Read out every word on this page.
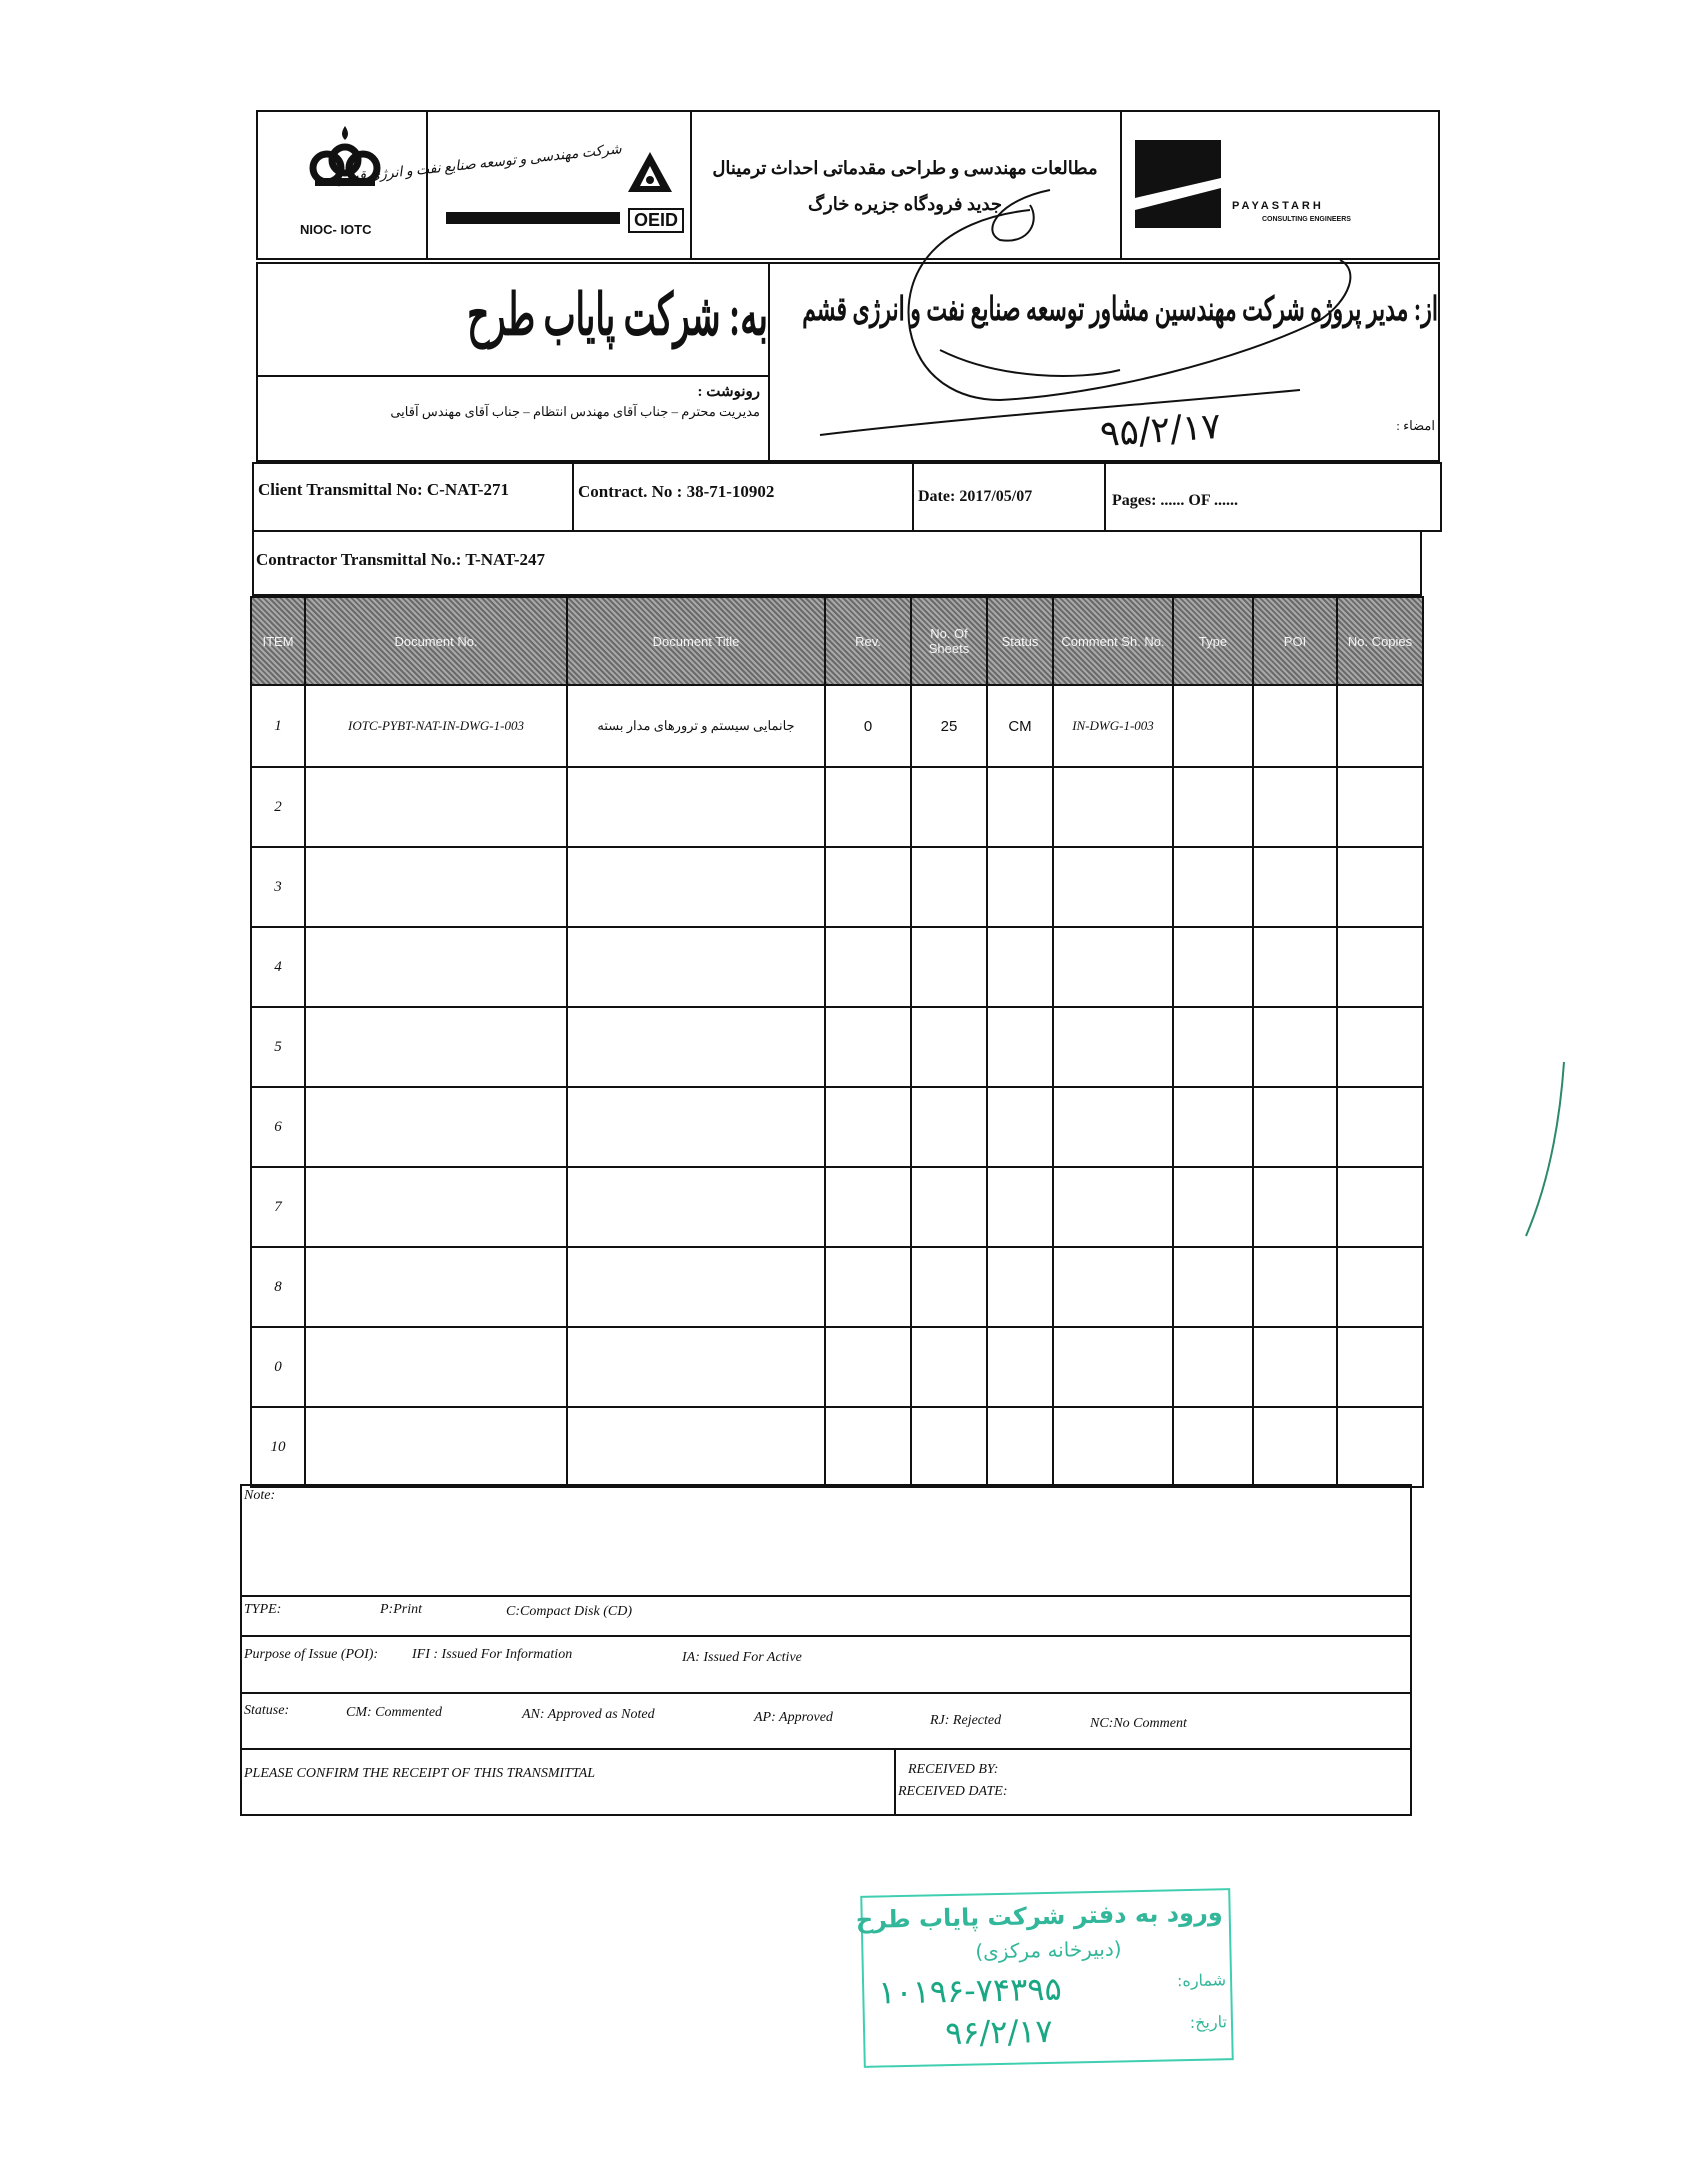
NIOC- IOTC
شرکت مهندسی و توسعه صنایع نفت و انرژی قشم
OEID
مطالعات مهندسی و طراحی مقدماتی احداث ترمینال
جدید فرودگاه جزیره خارگ	PAYASTARH
CONSULTING ENGINEERS
به: شرکت پایاب طرح از: مدیر پروژه شرکت مهندسین مشاور توسعه صنایع نفت و انرژی قشم
رونوشت :
مدیریت محترم – جناب آقای مهندس انتظام – جناب آقای مهندس آقایی
امضاء :
۹۵/۲/۱۷
Client Transmittal No: C-NAT-271	Contract. No : 38-71-10902	Date: 2017/05/07	Pages: ...... OF ......
Contractor Transmittal No.: T-NAT-247
ITEM	Document No.	Document Title	Rev.	No. Of Sheets	Status	Comment Sh. No.	Type	POI	No. Copies
1	IOTC-PYBT-NAT-IN-DWG-1-003	جانمایی سیستم و ترورهای مدار بسته	0	25	CM	IN-DWG-1-003			
2									
3									
4									
5									
6									
7									
8									
0									
10									
Note:
TYPE:	P:Print	C:Compact Disk (CD)
Purpose of Issue (POI): IFI : Issued For Information	IA: Issued For Active
Statuse:	CM: Commented	AN: Approved as Noted	AP: Approved	RJ: Rejected	NC:No Comment
PLEASE CONFIRM THE RECEIPT OF THIS TRANSMITTAL	RECEIVED BY:
RECEIVED DATE:
ورود به دفتر شرکت پایاب طرح
(دبیرخانه مرکزی)
شماره:
۱۰۱۹۶-۷۴۳۹۵
تاریخ:
۹۶/۲/۱۷
